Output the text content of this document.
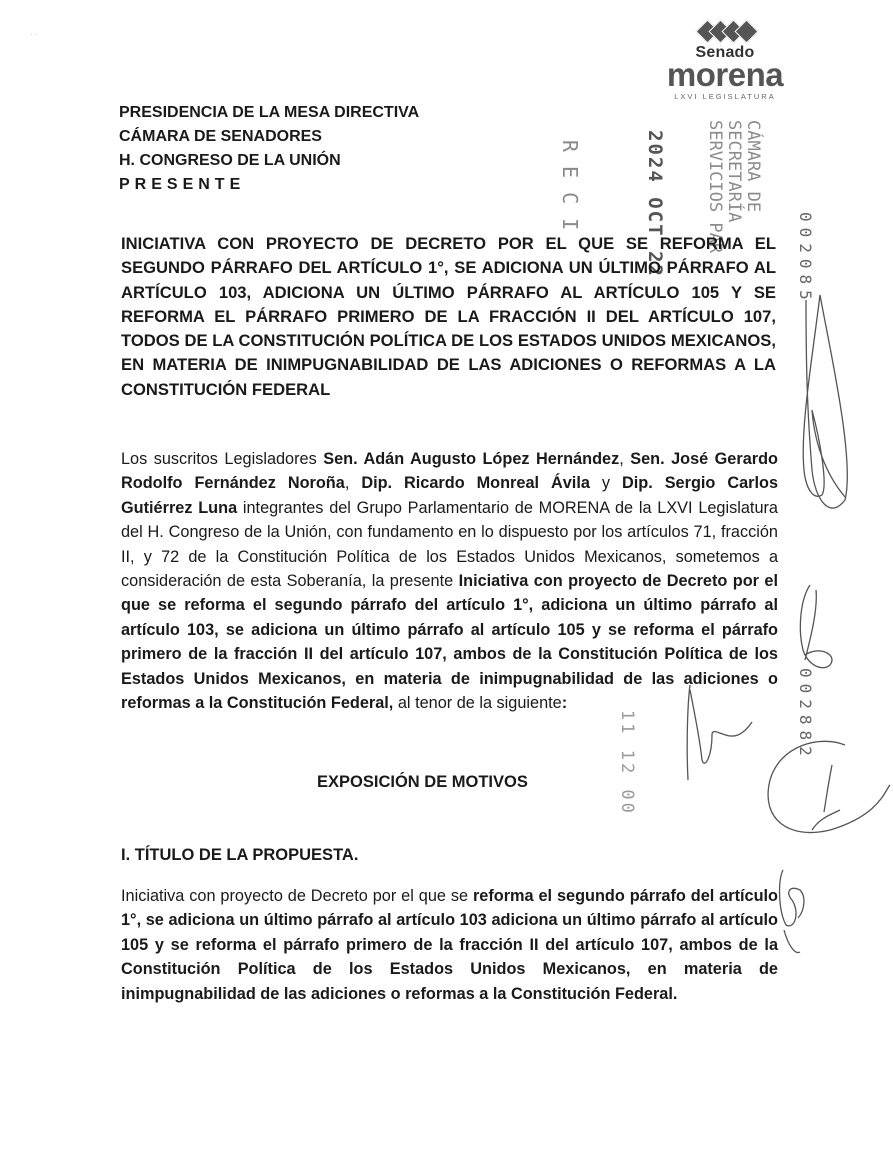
Senado
morena
LXVI LEGISLATURA
· ·
RECI	2024 OCT 22	CÁMARA DE
SECRETARÍA
SERVICIOS PAR
002085
002882
11 12 00
PRESIDENCIA DE LA MESA DIRECTIVA
CÁMARA DE SENADORES
H. CONGRESO DE LA UNIÓN
PRESENTE
INICIATIVA CON PROYECTO DE DECRETO POR EL QUE SE REFORMA EL SEGUNDO PÁRRAFO DEL ARTÍCULO 1°, SE ADICIONA UN ÚLTIMO PÁRRAFO AL ARTÍCULO 103, ADICIONA UN ÚLTIMO PÁRRAFO AL ARTÍCULO 105 Y SE REFORMA EL PÁRRAFO PRIMERO DE LA FRACCIÓN II DEL ARTÍCULO 107, TODOS DE LA CONSTITUCIÓN POLÍTICA DE LOS ESTADOS UNIDOS MEXICANOS, EN MATERIA DE INIMPUGNABILIDAD DE LAS ADICIONES O REFORMAS A LA CONSTITUCIÓN FEDERAL
Los suscritos Legisladores Sen. Adán Augusto López Hernández, Sen. José Gerardo Rodolfo Fernández Noroña, Dip. Ricardo Monreal Ávila y Dip. Sergio Carlos Gutiérrez Luna integrantes del Grupo Parlamentario de MORENA de la LXVI Legislatura del H. Congreso de la Unión, con fundamento en lo dispuesto por los artículos 71, fracción II, y 72 de la Constitución Política de los Estados Unidos Mexicanos, sometemos a consideración de esta Soberanía, la presente Iniciativa con proyecto de Decreto por el que se reforma el segundo párrafo del artículo 1°, adiciona un último párrafo al artículo 103, se adiciona un último párrafo al artículo 105 y se reforma el párrafo primero de la fracción II del artículo 107, ambos de la Constitución Política de los Estados Unidos Mexicanos, en materia de inimpugnabilidad de las adiciones o reformas a la Constitución Federal, al tenor de la siguiente:
EXPOSICIÓN DE MOTIVOS
I. TÍTULO DE LA PROPUESTA.
Iniciativa con proyecto de Decreto por el que se reforma el segundo párrafo del artículo 1°, se adiciona un último párrafo al artículo 103 adiciona un último párrafo al artículo 105 y se reforma el párrafo primero de la fracción II del artículo 107, ambos de la Constitución Política de los Estados Unidos Mexicanos, en materia de inimpugnabilidad de las adiciones o reformas a la Constitución Federal.
